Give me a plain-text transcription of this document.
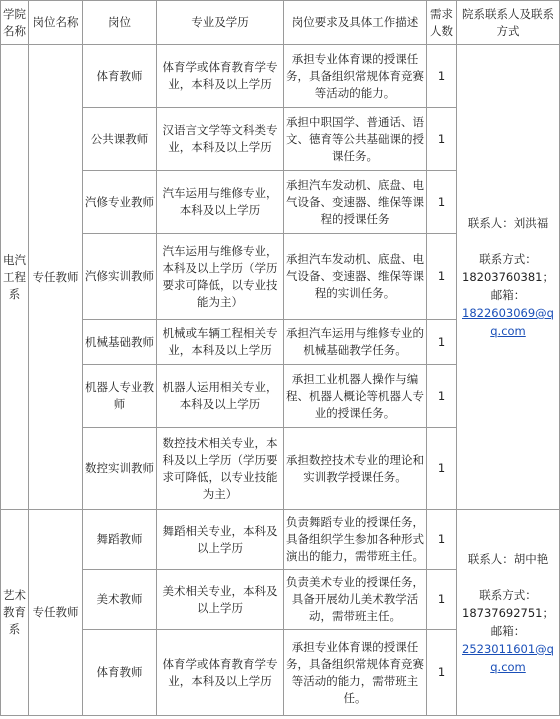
学院名称	岗位名称	岗位	专业及学历	岗位要求及具体工作描述	需求人数	院系联系人及联系方式
电汽工程系	专任教师	体育教师	体育学或体育教育学专业，本科及以上学历	承担专业体育课的授课任务，具备组织常规体育竞赛等活动的能力。	1	联系人：刘洪福
联系方式：
18203760381；
邮箱：
1822603069@qq.com

		公共课教师	汉语言文学等文科类专业，本科及以上学历	承担中职国学、普通话、语文、德育等公共基础课的授课任务。	1	
		汽修专业教师	汽车运用与维修专业，本科及以上学历	承担汽车发动机、底盘、电气设备、变速器、维保等课程的授课任务	1	
		汽修实训教师	汽车运用与维修专业，本科及以上学历（学历要求可降低，以专业技能为主）	承担汽车发动机、底盘、电气设备、变速器、维保等课程的实训任务。	1	
		机械基础教师	机械或车辆工程相关专业，本科及以上学历	承担汽车运用与维修专业的机械基础教学任务。	1	
		机器人专业教师	机器人运用相关专业，本科及以上学历	承担工业机器人操作与编程、机器人概论等机器人专业的授课任务。	1	
		数控实训教师	数控技术相关专业，本科及以上学历（学历要求可降低，以专业技能为主）	承担数控技术专业的理论和实训教学授课任务。	1	
艺术教育系	专任教师	舞蹈教师	舞蹈相关专业，本科及以上学历	负责舞蹈专业的授课任务，具备组织学生参加各种形式演出的能力，需带班主任。	1	联系人：胡中艳
联系方式：
18737692751；
邮箱：
2523011601@qq.com

		美术教师	美术相关专业，本科及以上学历	负责美术专业的授课任务，具备开展幼儿美术教学活动，需带班主任。	1	
		体育教师	体育学或体育教育学专业，本科及以上学历	承担专业体育课的授课任务，具备组织常规体育竞赛等活动的能力，需带班主任。	1	
